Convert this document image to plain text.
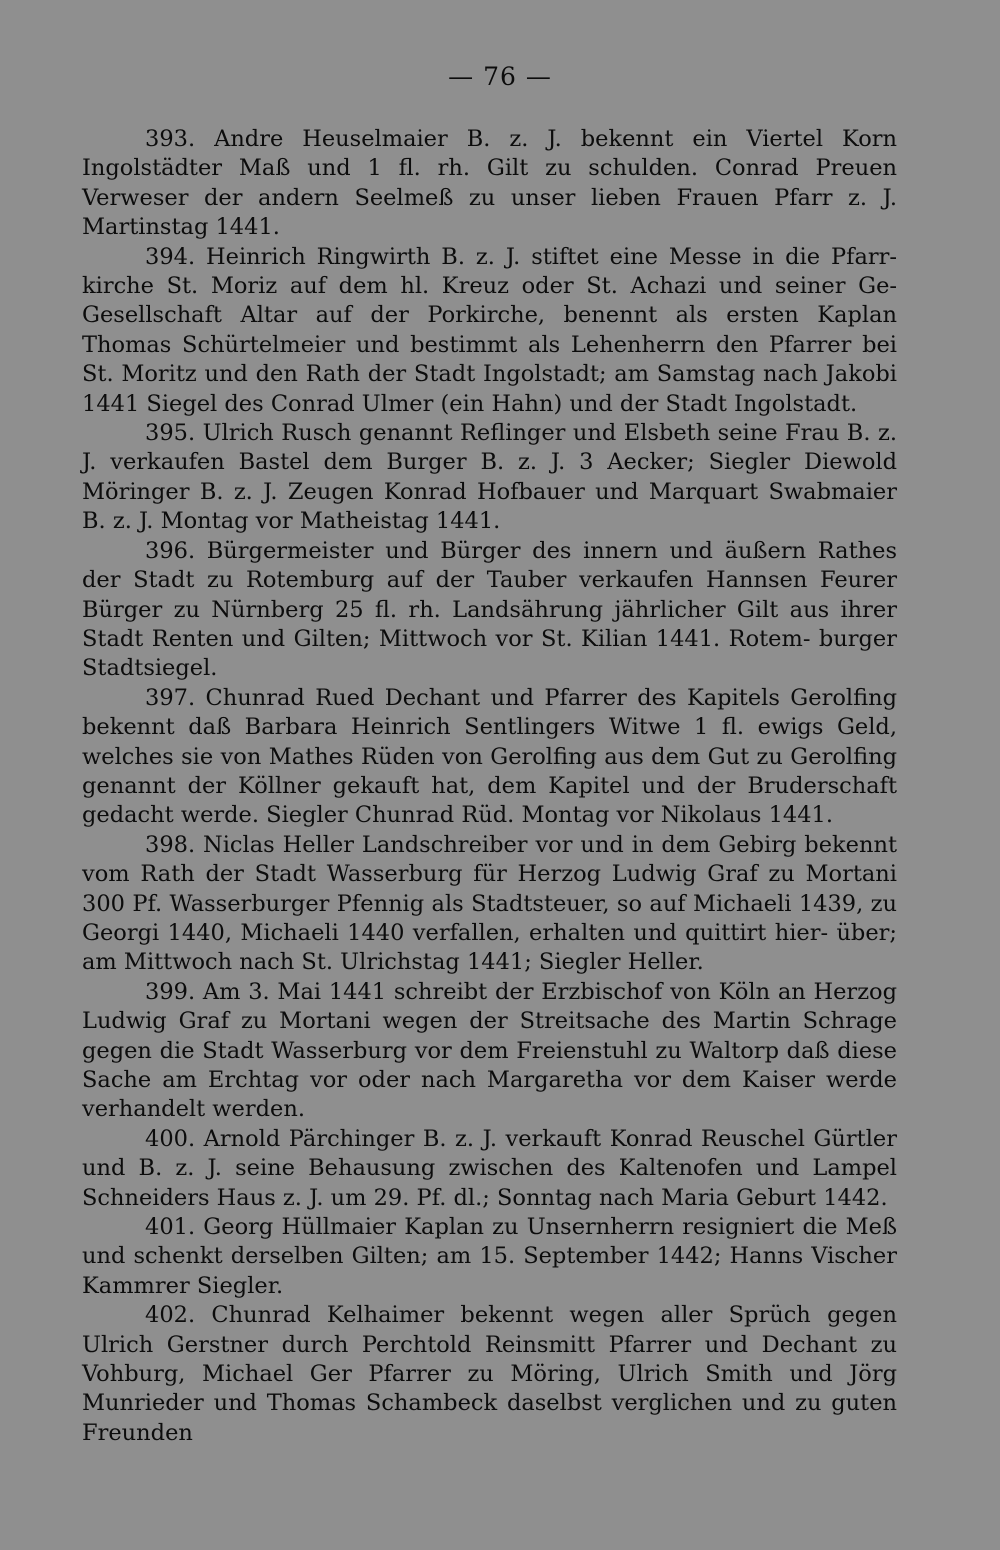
— 76 —

393. Andre Heuselmaier B. z. J. bekennt ein Viertel Korn Ingolstädter Maß und 1 fl. rh. Gilt zu schulden. Conrad Preuen Verweser der andern Seelmeß zu unser lieben Frauen Pfarr z. J. Martinstag 1441.

394. Heinrich Ringwirth B. z. J. stiftet eine Messe in die Pfarr- kirche St. Moriz auf dem hl. Kreuz oder St. Achazi und seiner Ge- Gesellschaft Altar auf der Porkirche, benennt als ersten Kaplan Thomas Schürtelmeier und bestimmt als Lehenherrn den Pfarrer bei St. Moritz und den Rath der Stadt Ingolstadt; am Samstag nach Jakobi 1441 Siegel des Conrad Ulmer (ein Hahn) und der Stadt Ingolstadt.

395. Ulrich Rusch genannt Reflinger und Elsbeth seine Frau B. z. J. verkaufen Bastel dem Burger B. z. J. 3 Aecker; Siegler Diewold Möringer B. z. J. Zeugen Konrad Hofbauer und Marquart Swabmaier B. z. J. Montag vor Matheistag 1441.

396. Bürgermeister und Bürger des innern und äußern Rathes der Stadt zu Rotemburg auf der Tauber verkaufen Hannsen Feurer Bürger zu Nürnberg 25 fl. rh. Landsährung jährlicher Gilt aus ihrer Stadt Renten und Gilten; Mittwoch vor St. Kilian 1441. Rotem- burger Stadtsiegel.

397. Chunrad Rued Dechant und Pfarrer des Kapitels Gerolfing bekennt daß Barbara Heinrich Sentlingers Witwe 1 fl. ewigs Geld, welches sie von Mathes Rüden von Gerolfing aus dem Gut zu Gerolfing genannt der Köllner gekauft hat, dem Kapitel und der Bruderschaft gedacht werde. Siegler Chunrad Rüd. Montag vor Nikolaus 1441.

398. Niclas Heller Landschreiber vor und in dem Gebirg bekennt vom Rath der Stadt Wasserburg für Herzog Ludwig Graf zu Mortani 300 Pf. Wasserburger Pfennig als Stadtsteuer, so auf Michaeli 1439, zu Georgi 1440, Michaeli 1440 verfallen, erhalten und quittirt hier- über; am Mittwoch nach St. Ulrichstag 1441; Siegler Heller.

399. Am 3. Mai 1441 schreibt der Erzbischof von Köln an Herzog Ludwig Graf zu Mortani wegen der Streitsache des Martin Schrage gegen die Stadt Wasserburg vor dem Freienstuhl zu Waltorp daß diese Sache am Erchtag vor oder nach Margaretha vor dem Kaiser werde verhandelt werden.

400. Arnold Pärchinger B. z. J. verkauft Konrad Reuschel Gürtler und B. z. J. seine Behausung zwischen des Kaltenofen und Lampel Schneiders Haus z. J. um 29. Pf. dl.; Sonntag nach Maria Geburt 1442.

401. Georg Hüllmaier Kaplan zu Unsernherrn resigniert die Meß und schenkt derselben Gilten; am 15. September 1442; Hanns Vischer Kammrer Siegler.

402. Chunrad Kelhaimer bekennt wegen aller Sprüch gegen Ulrich Gerstner durch Perchtold Reinsmitt Pfarrer und Dechant zu Vohburg, Michael Ger Pfarrer zu Möring, Ulrich Smith und Jörg Munrieder und Thomas Schambeck daselbst verglichen und zu guten Freunden
